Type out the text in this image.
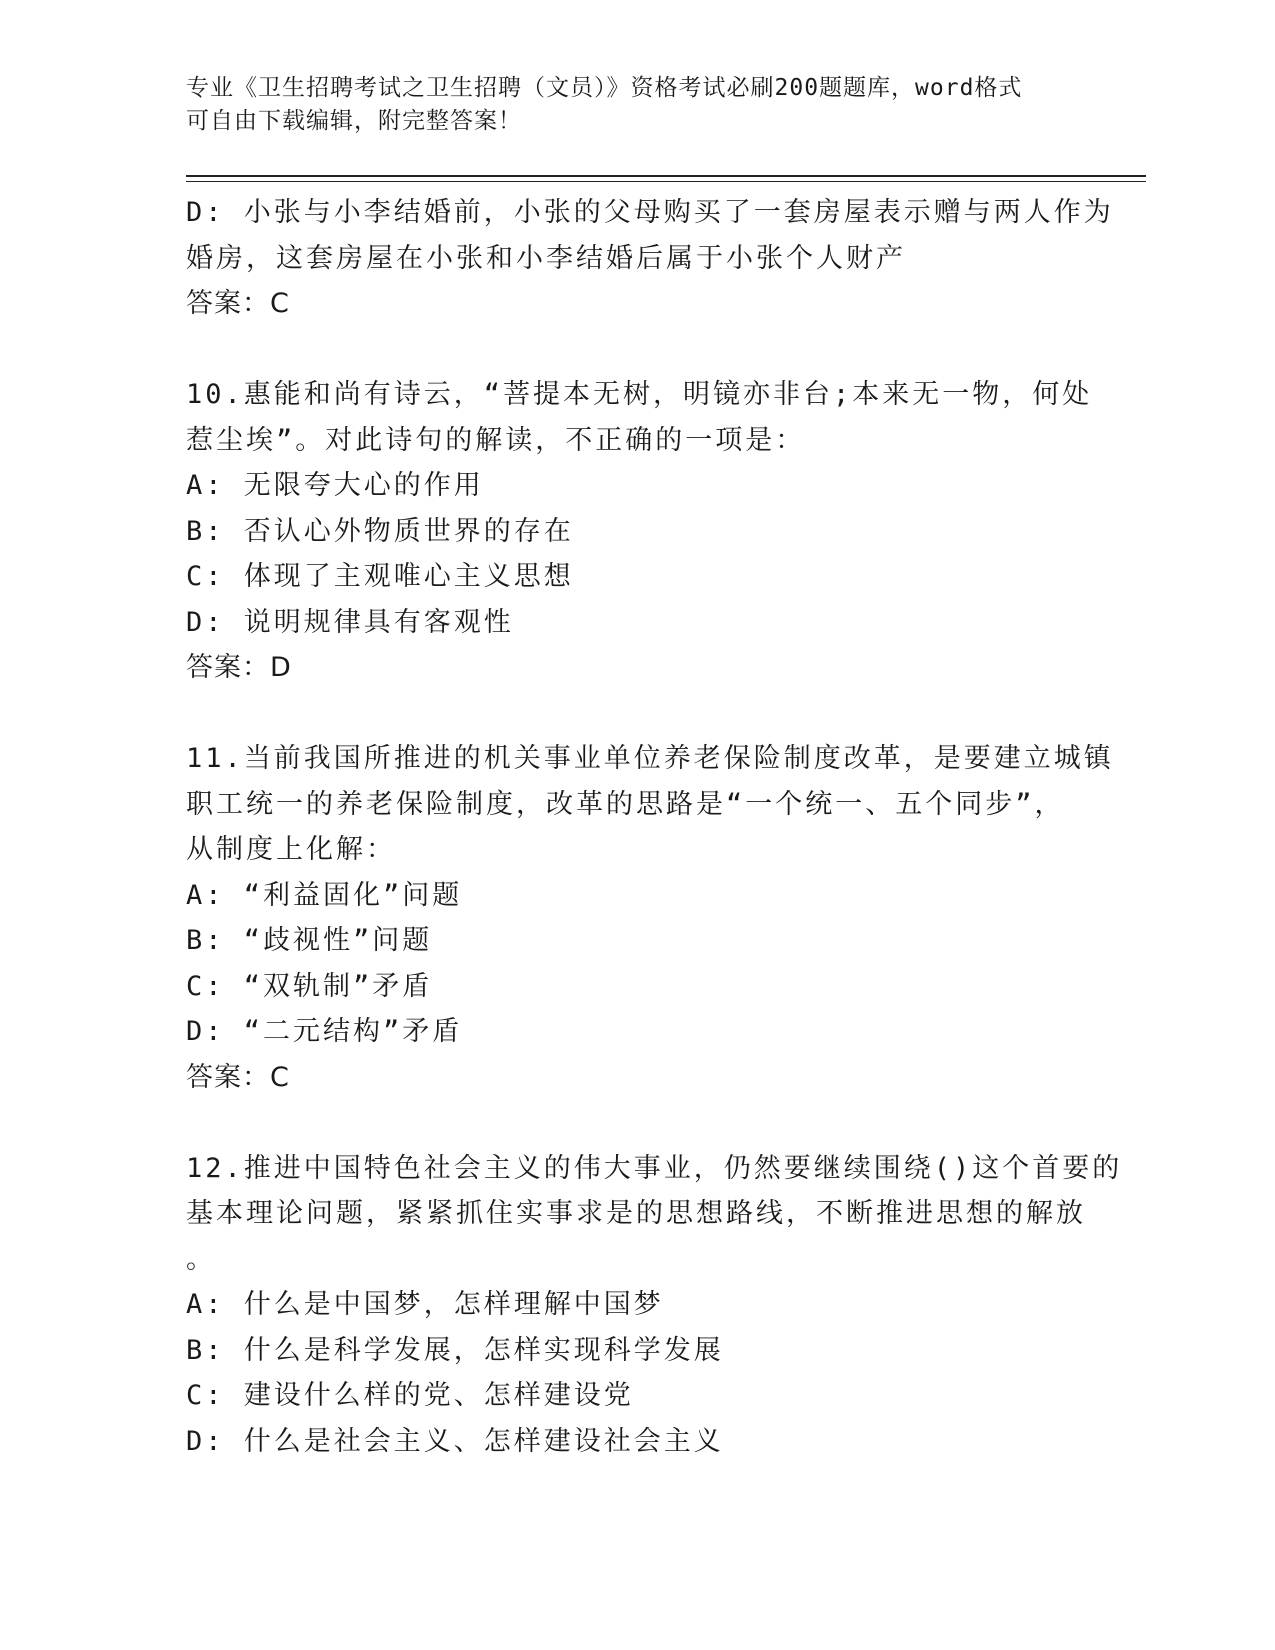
专业《卫生招聘考试之卫生招聘（文员）》资格考试必刷200题题库，word格式
可自由下载编辑，附完整答案！
D: 小张与小李结婚前，小张的父母购买了一套房屋表示赠与两人作为
婚房，这套房屋在小张和小李结婚后属于小张个人财产
答案：C
10.惠能和尚有诗云，“菩提本无树，明镜亦非台;本来无一物，何处
惹尘埃”。对此诗句的解读，不正确的一项是：
A: 无限夸大心的作用
B: 否认心外物质世界的存在
C: 体现了主观唯心主义思想
D: 说明规律具有客观性
答案：D
11.当前我国所推进的机关事业单位养老保险制度改革，是要建立城镇
职工统一的养老保险制度，改革的思路是“一个统一、五个同步”，
从制度上化解：
A: “利益固化”问题
B: “歧视性”问题
C: “双轨制”矛盾
D: “二元结构”矛盾
答案：C
12.推进中国特色社会主义的伟大事业，仍然要继续围绕()这个首要的
基本理论问题，紧紧抓住实事求是的思想路线，不断推进思想的解放
。
A: 什么是中国梦，怎样理解中国梦
B: 什么是科学发展，怎样实现科学发展
C: 建设什么样的党、怎样建设党
D: 什么是社会主义、怎样建设社会主义
